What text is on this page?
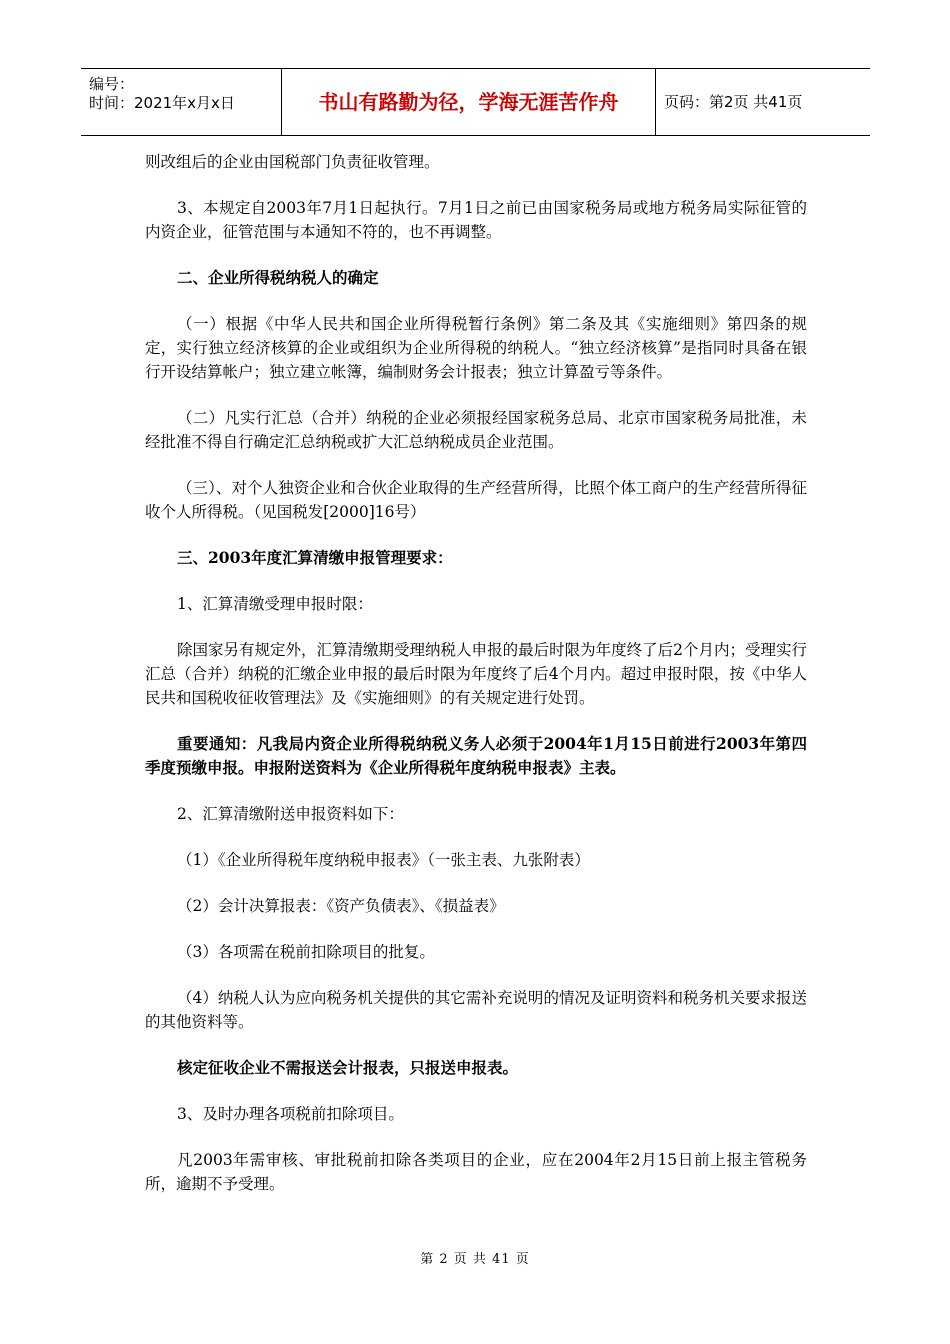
编号：
时间：2021年x月x日	书山有路勤为径，学海无涯苦作舟	页码：第2页 共41页

则改组后的企业由国税部门负责征收管理。

3、本规定自2003年7月1日起执行。7月1日之前已由国家税务局或地方税务局实际征管的内资企业，征管范围与本通知不符的，也不再调整。

二、企业所得税纳税人的确定

（一）根据《中华人民共和国企业所得税暂行条例》第二条及其《实施细则》第四条的规定，实行独立经济核算的企业或组织为企业所得税的纳税人。“独立经济核算”是指同时具备在银行开设结算帐户；独立建立帐簿，编制财务会计报表；独立计算盈亏等条件。

（二）凡实行汇总（合并）纳税的企业必须报经国家税务总局、北京市国家税务局批准，未经批准不得自行确定汇总纳税或扩大汇总纳税成员企业范围。

（三）、对个人独资企业和合伙企业取得的生产经营所得，比照个体工商户的生产经营所得征收个人所得税。（见国税发[2000]16号）

三、2003年度汇算清缴申报管理要求：

1、汇算清缴受理申报时限：

除国家另有规定外，汇算清缴期受理纳税人申报的最后时限为年度终了后2个月内；受理实行汇总（合并）纳税的汇缴企业申报的最后时限为年度终了后4个月内。超过申报时限，按《中华人民共和国税收征收管理法》及《实施细则》的有关规定进行处罚。

重要通知：凡我局内资企业所得税纳税义务人必须于2004年1月15日前进行2003年第四季度预缴申报。申报附送资料为《企业所得税年度纳税申报表》主表。

2、汇算清缴附送申报资料如下：

（1）《企业所得税年度纳税申报表》（一张主表、九张附表）

（2）会计决算报表：《资产负债表》、《损益表》

（3）各项需在税前扣除项目的批复。

（4）纳税人认为应向税务机关提供的其它需补充说明的情况及证明资料和税务机关要求报送的其他资料等。

核定征收企业不需报送会计报表，只报送申报表。

3、及时办理各项税前扣除项目。

凡2003年需审核、审批税前扣除各类项目的企业，应在2004年2月15日前上报主管税务所，逾期不予受理。

第 2 页 共 41 页
